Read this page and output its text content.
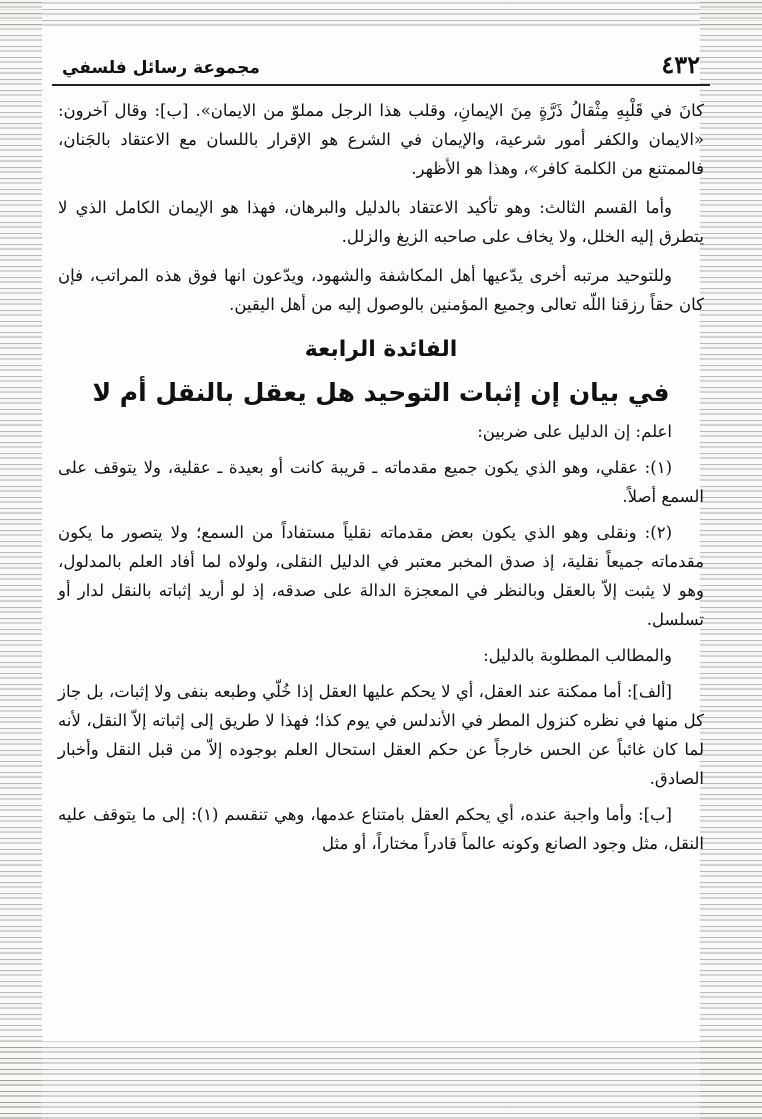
٤٣٢
مجموعة رسائل فلسفي

كانَ في قَلْبِهِ مِثْقالُ ذَرَّةٍ مِنَ الإيمانِ، وقلب هذا الرجل مملوّ من الايمان». [ب]: وقال آخرون: «الايمان والكفر أمور شرعية، والإيمان في الشرع هو الإقرار باللسان مع الاعتقاد بالجَنان، فالممتنع من الكلمة كافر»، وهذا هو الأظهر.

وأما القسم الثالث: وهو تأكيد الاعتقاد بالدليل والبرهان، فهذا هو الإيمان الكامل الذي لا يتطرق إليه الخلل، ولا يخاف على صاحبه الزيغ والزلل.

وللتوحيد مرتبه أخرى يدّعيها أهل المكاشفة والشهود، ويدّعون انها فوق هذه المراتب، فإن كان حقاً رزقنا اللّه تعالى وجميع المؤمنين بالوصول إليه من أهل اليقين.

الفائدة الرابعة
في بيان إن إثبات التوحيد هل يعقل بالنقل أم لا

اعلم: إن الدليل على ضربين:

(١): عقلي، وهو الذي يكون جميع مقدماته ـ قريبة كانت أو بعيدة ـ عقلية، ولا يتوقف على السمع أصلاً.

(٢): ونقلى وهو الذي يكون بعض مقدماته نقلياً مستفاداً من السمع؛ ولا يتصور ما يكون مقدماته جميعاً نقلية، إذ صدق المخبر معتبر في الدليل النقلى، ولولاه لما أفاد العلم بالمدلول، وهو لا يثبت إلاّ بالعقل وبالنظر في المعجزة الدالة على صدقه، إذ لو أريد إثباته بالنقل لدار أو تسلسل.

والمطالب المطلوبة بالدليل:

[ألف]: أما ممكنة عند العقل، أي لا يحكم عليها العقل إذا خُلّي وطبعه بنفى ولا إثبات، بل جاز كل منها في نظره كنزول المطر في الأندلس في يوم كذا؛ فهذا لا طريق إلى إثباته إلاّ النقل، لأنه لما كان غائباً عن الحس خارجاً عن حكم العقل استحال العلم بوجوده إلاّ من قبل النقل وأخبار الصادق.

[ب]: وأما واجبة عنده، أي يحكم العقل بامتناع عدمها، وهي تنقسم (١): إلى ما يتوقف عليه النقل، مثل وجود الصانع وكونه عالماً قادراً مختاراً، أو مثل
